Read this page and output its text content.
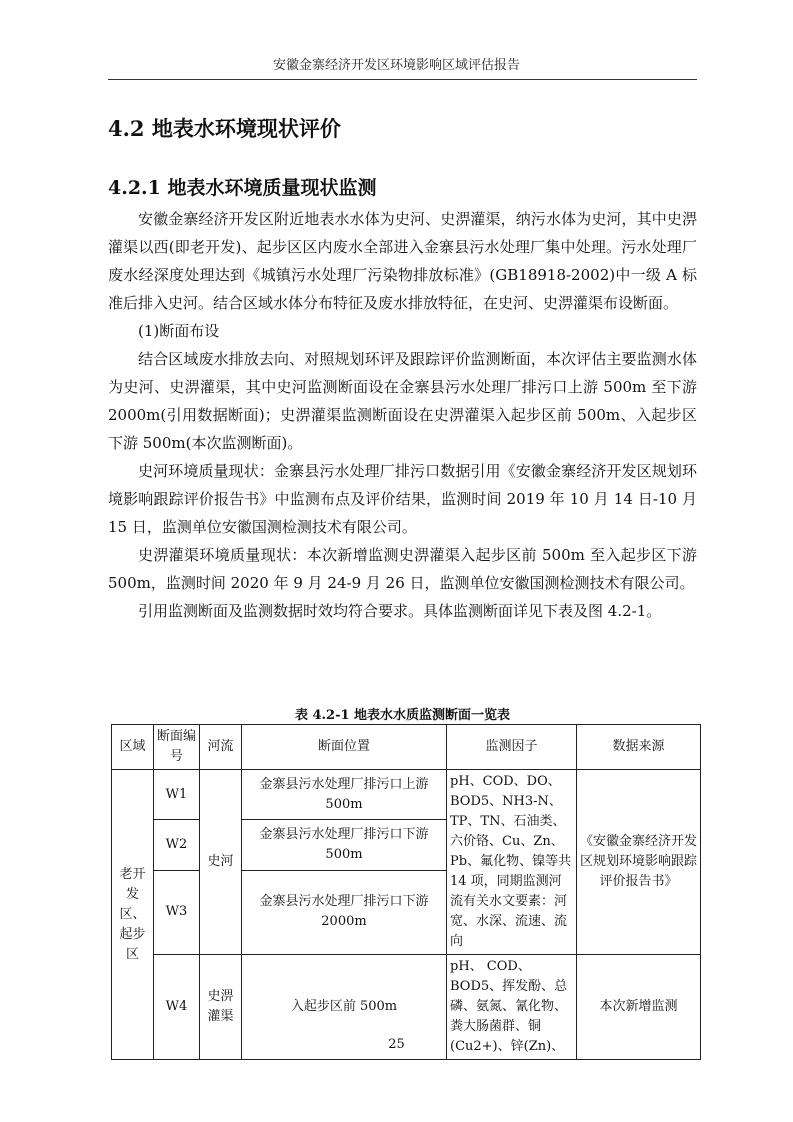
安徽金寨经济开发区环境影响区域评估报告
4.2 地表水环境现状评价
4.2.1 地表水环境质量现状监测

安徽金寨经济开发区附近地表水水体为史河、史淠灌渠，纳污水体为史河，其中史淠灌渠以西(即老开发)、起步区区内废水全部进入金寨县污水处理厂集中处理。污水处理厂废水经深度处理达到《城镇污水处理厂污染物排放标准》(GB18918-2002)中一级 A 标准后排入史河。结合区域水体分布特征及废水排放特征，在史河、史淠灌渠布设断面。

(1)断面布设

结合区域废水排放去向、对照规划环评及跟踪评价监测断面，本次评估主要监测水体为史河、史淠灌渠，其中史河监测断面设在金寨县污水处理厂排污口上游 500m 至下游 2000m(引用数据断面)；史淠灌渠监测断面设在史淠灌渠入起步区前 500m、入起步区下游 500m(本次监测断面)。

史河环境质量现状：金寨县污水处理厂排污口数据引用《安徽金寨经济开发区规划环境影响跟踪评价报告书》中监测布点及评价结果，监测时间 2019 年 10 月 14 日-10 月 15 日，监测单位安徽国测检测技术有限公司。

史淠灌渠环境质量现状：本次新增监测史淠灌渠入起步区前 500m 至入起步区下游 500m，监测时间 2020 年 9 月 24-9 月 26 日，监测单位安徽国测检测技术有限公司。

引用监测断面及监测数据时效均符合要求。具体监测断面详见下表及图 4.2-1。

表 4.2-1 地表水水质监测断面一览表
区域	断面编号	河流	断面位置	监测因子	数据来源
老开发区、起步区	W1	史河	金寨县污水处理厂排污口上游 500m	pH、COD、DO、BOD5、NH3-N、TP、TN、石油类、六价铬、Cu、Zn、Pb、氟化物、镍等共 14 项，同期监测河流有关水文要素：河宽、水深、流速、流向	《安徽金寨经济开发区规划环境影响跟踪评价报告书》
	W2		金寨县污水处理厂排污口下游 500m		
	W3		金寨县污水处理厂排污口下游 2000m		
	W4	史淠灌渠	入起步区前 500m	pH、 COD、BOD5、挥发酚、总磷、氨氮、氰化物、粪大肠菌群、铜(Cu2+)、锌(Zn)、	本次新增监测
25
